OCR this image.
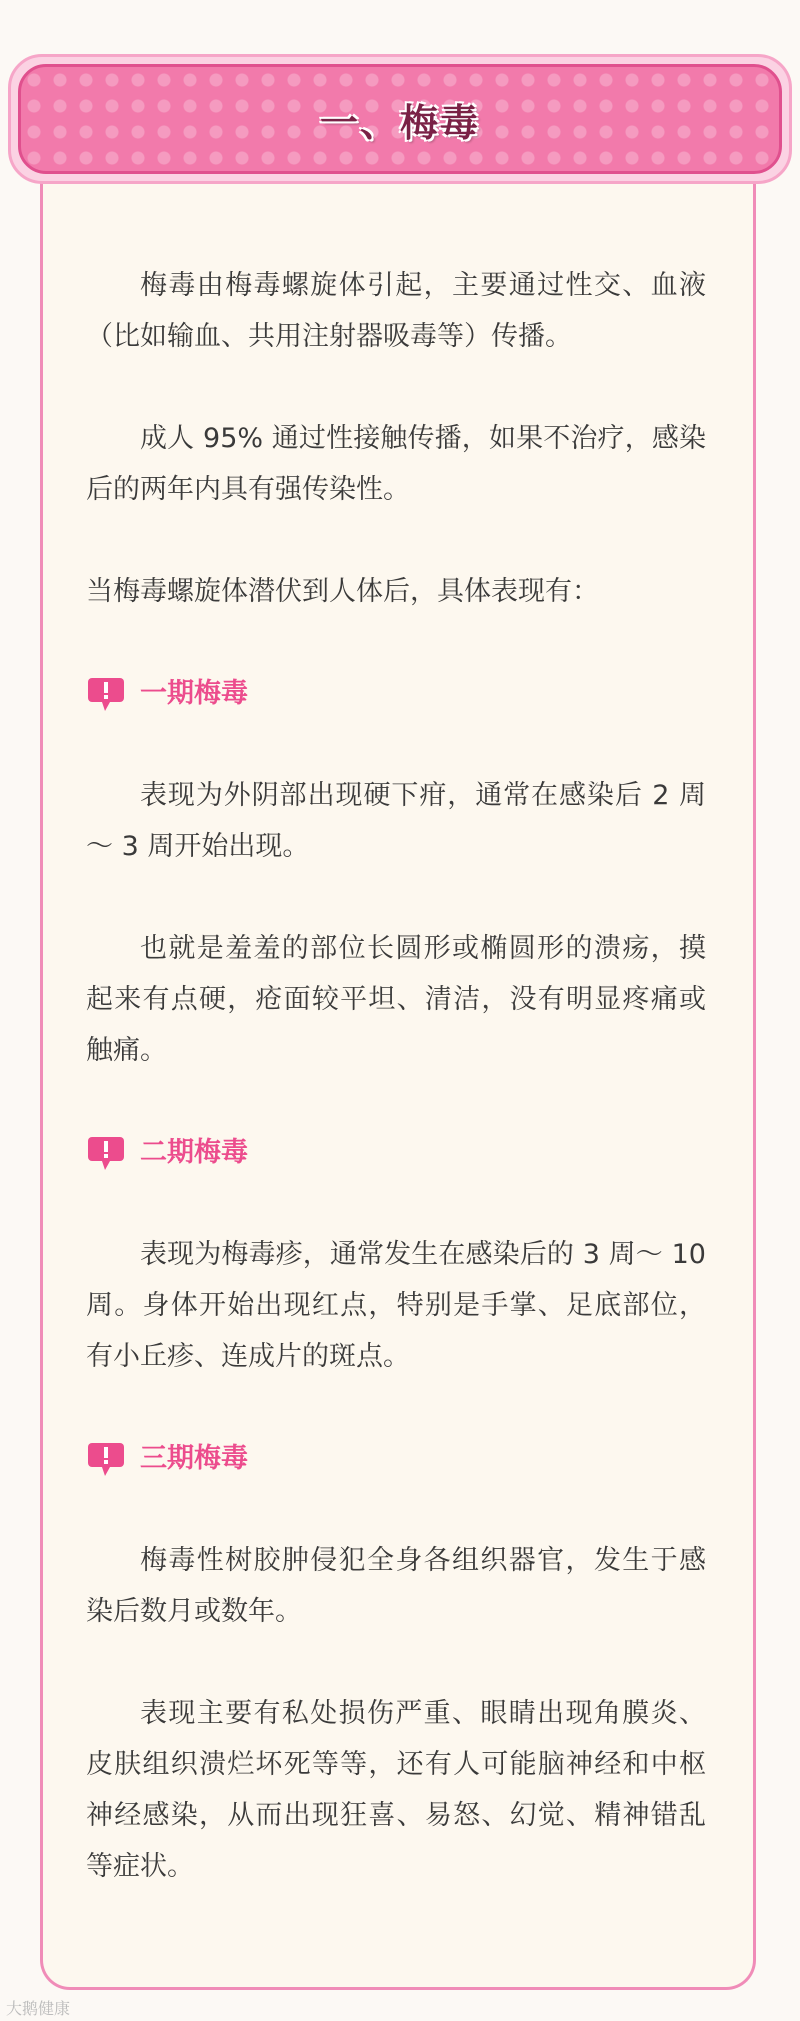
一、梅毒

梅毒由梅毒螺旋体引起，主要通过性交、血液（比如输血、共用注射器吸毒等）传播。

成人 95% 通过性接触传播，如果不治疗，感染后的两年内具有强传染性。

当梅毒螺旋体潜伏到人体后，具体表现有：

一期梅毒

表现为外阴部出现硬下疳，通常在感染后 2 周～ 3 周开始出现。

也就是羞羞的部位长圆形或椭圆形的溃疡，摸起来有点硬，疮面较平坦、清洁，没有明显疼痛或触痛。

二期梅毒

表现为梅毒疹，通常发生在感染后的 3 周～ 10 周。身体开始出现红点，特别是手掌、足底部位，有小丘疹、连成片的斑点。

三期梅毒

梅毒性树胶肿侵犯全身各组织器官，发生于感染后数月或数年。

表现主要有私处损伤严重、眼睛出现角膜炎、皮肤组织溃烂坏死等等，还有人可能脑神经和中枢神经感染，从而出现狂喜、易怒、幻觉、精神错乱等症状。

大鹅健康
